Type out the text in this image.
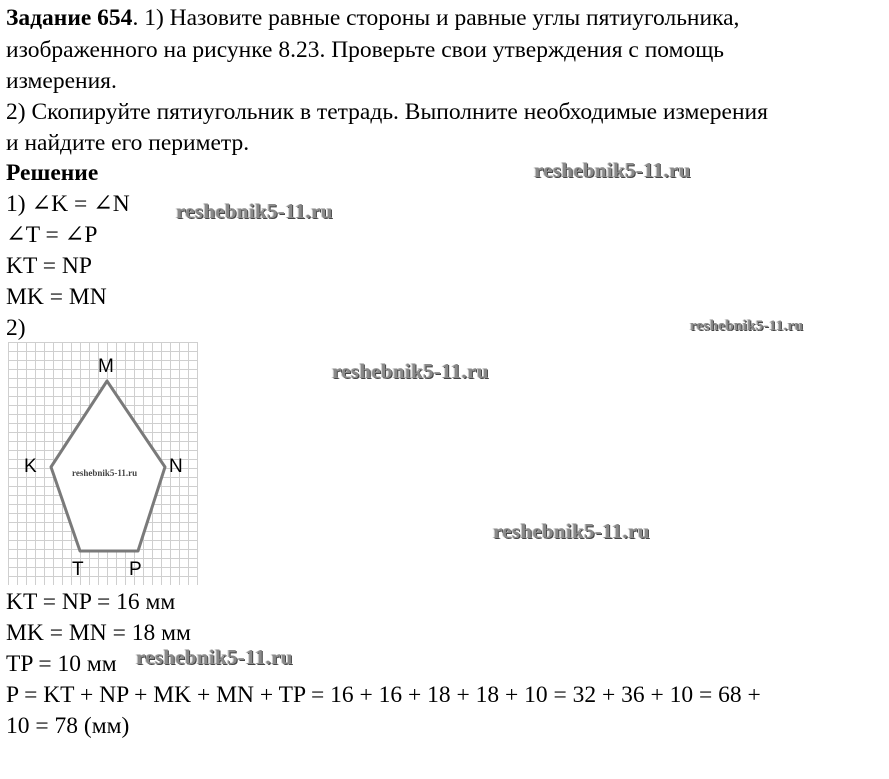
Задание 654. 1) Назовите равные стороны и равные углы пятиугольника,
изображенного на рисунке 8.23. Проверьте свои утверждения с помощь
измерения.
2) Скопируйте пятиугольник в тетрадь. Выполните необходимые измерения
и найдите его периметр.
Решение
1) ∠K = ∠N
∠T = ∠P
KT = NP
MK = MN
2)
M
K	N
T P
reshebnik5-11.ru
KT = NP = 16 мм
MK = MN = 18 мм
TP = 10 мм
P = KT + NP + MK + MN + TP = 16 + 16 + 18 + 18 + 10 = 32 + 36 + 10 = 68 +
10 = 78 (мм)
reshebnik5-11.ru
reshebnik5-11.ru
reshebnik5-11.ru
reshebnik5-11.ru
reshebnik5-11.ru
reshebnik5-11.ru
